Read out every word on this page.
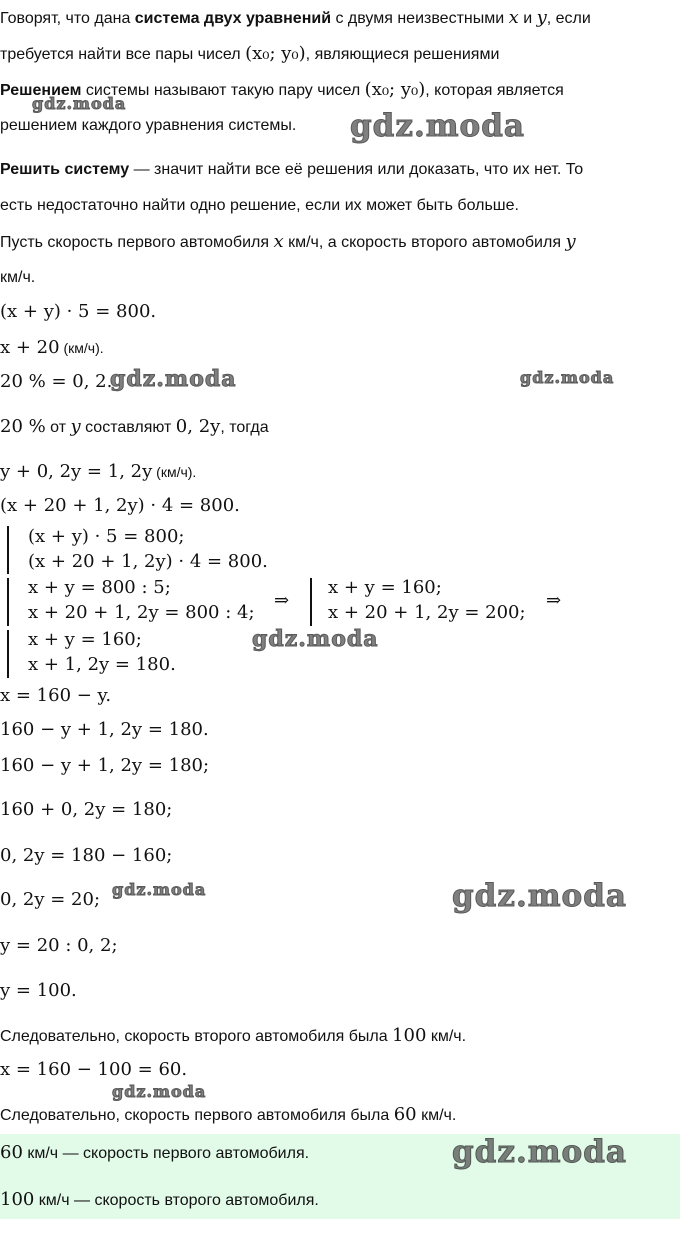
Говорят, что дана система двух уравнений с двумя неизвестными x и y, если
требуется найти все пары чисел (x₀; y₀), являющиеся решениями
Решением системы называют такую пару чисел (x₀; y₀), которая является
решением каждого уравнения системы.
Решить систему — значит найти все её решения или доказать, что их нет. То
есть недостаточно найти одно решение, если их может быть больше.
Пусть скорость первого автомобиля x км/ч, а скорость второго автомобиля y
км/ч.
(x + y) · 5 = 800.
x + 20 (км/ч).
20 % = 0, 2.
20 % от y составляют 0, 2y, тогда
y + 0, 2y = 1, 2y (км/ч).
(x + 20 + 1, 2y) · 4 = 800.
(x + y) · 5 = 800;
(x + 20 + 1, 2y) · 4 = 800.
x + y = 800 : 5;
x + 20 + 1, 2y = 800 : 4;
⇒
x + y = 160;
x + 20 + 1, 2y = 200;
⇒
x + y = 160;
x + 1, 2y = 180.
x = 160 − y.
160 − y + 1, 2y = 180.
160 − y + 1, 2y = 180;
160 + 0, 2y = 180;
0, 2y = 180 − 160;
0, 2y = 20;
y = 20 : 0, 2;
y = 100.
Следовательно, скорость второго автомобиля была 100 км/ч.
x = 160 − 100 = 60.
Следовательно, скорость первого автомобиля была 60 км/ч.
60 км/ч — скорость первого автомобиля.
100 км/ч — скорость второго автомобиля.
gdz.moda
gdz.moda
gdz.moda	gdz.moda
gdz.moda
gdz.moda	gdz.moda
gdz.moda
gdz.moda
